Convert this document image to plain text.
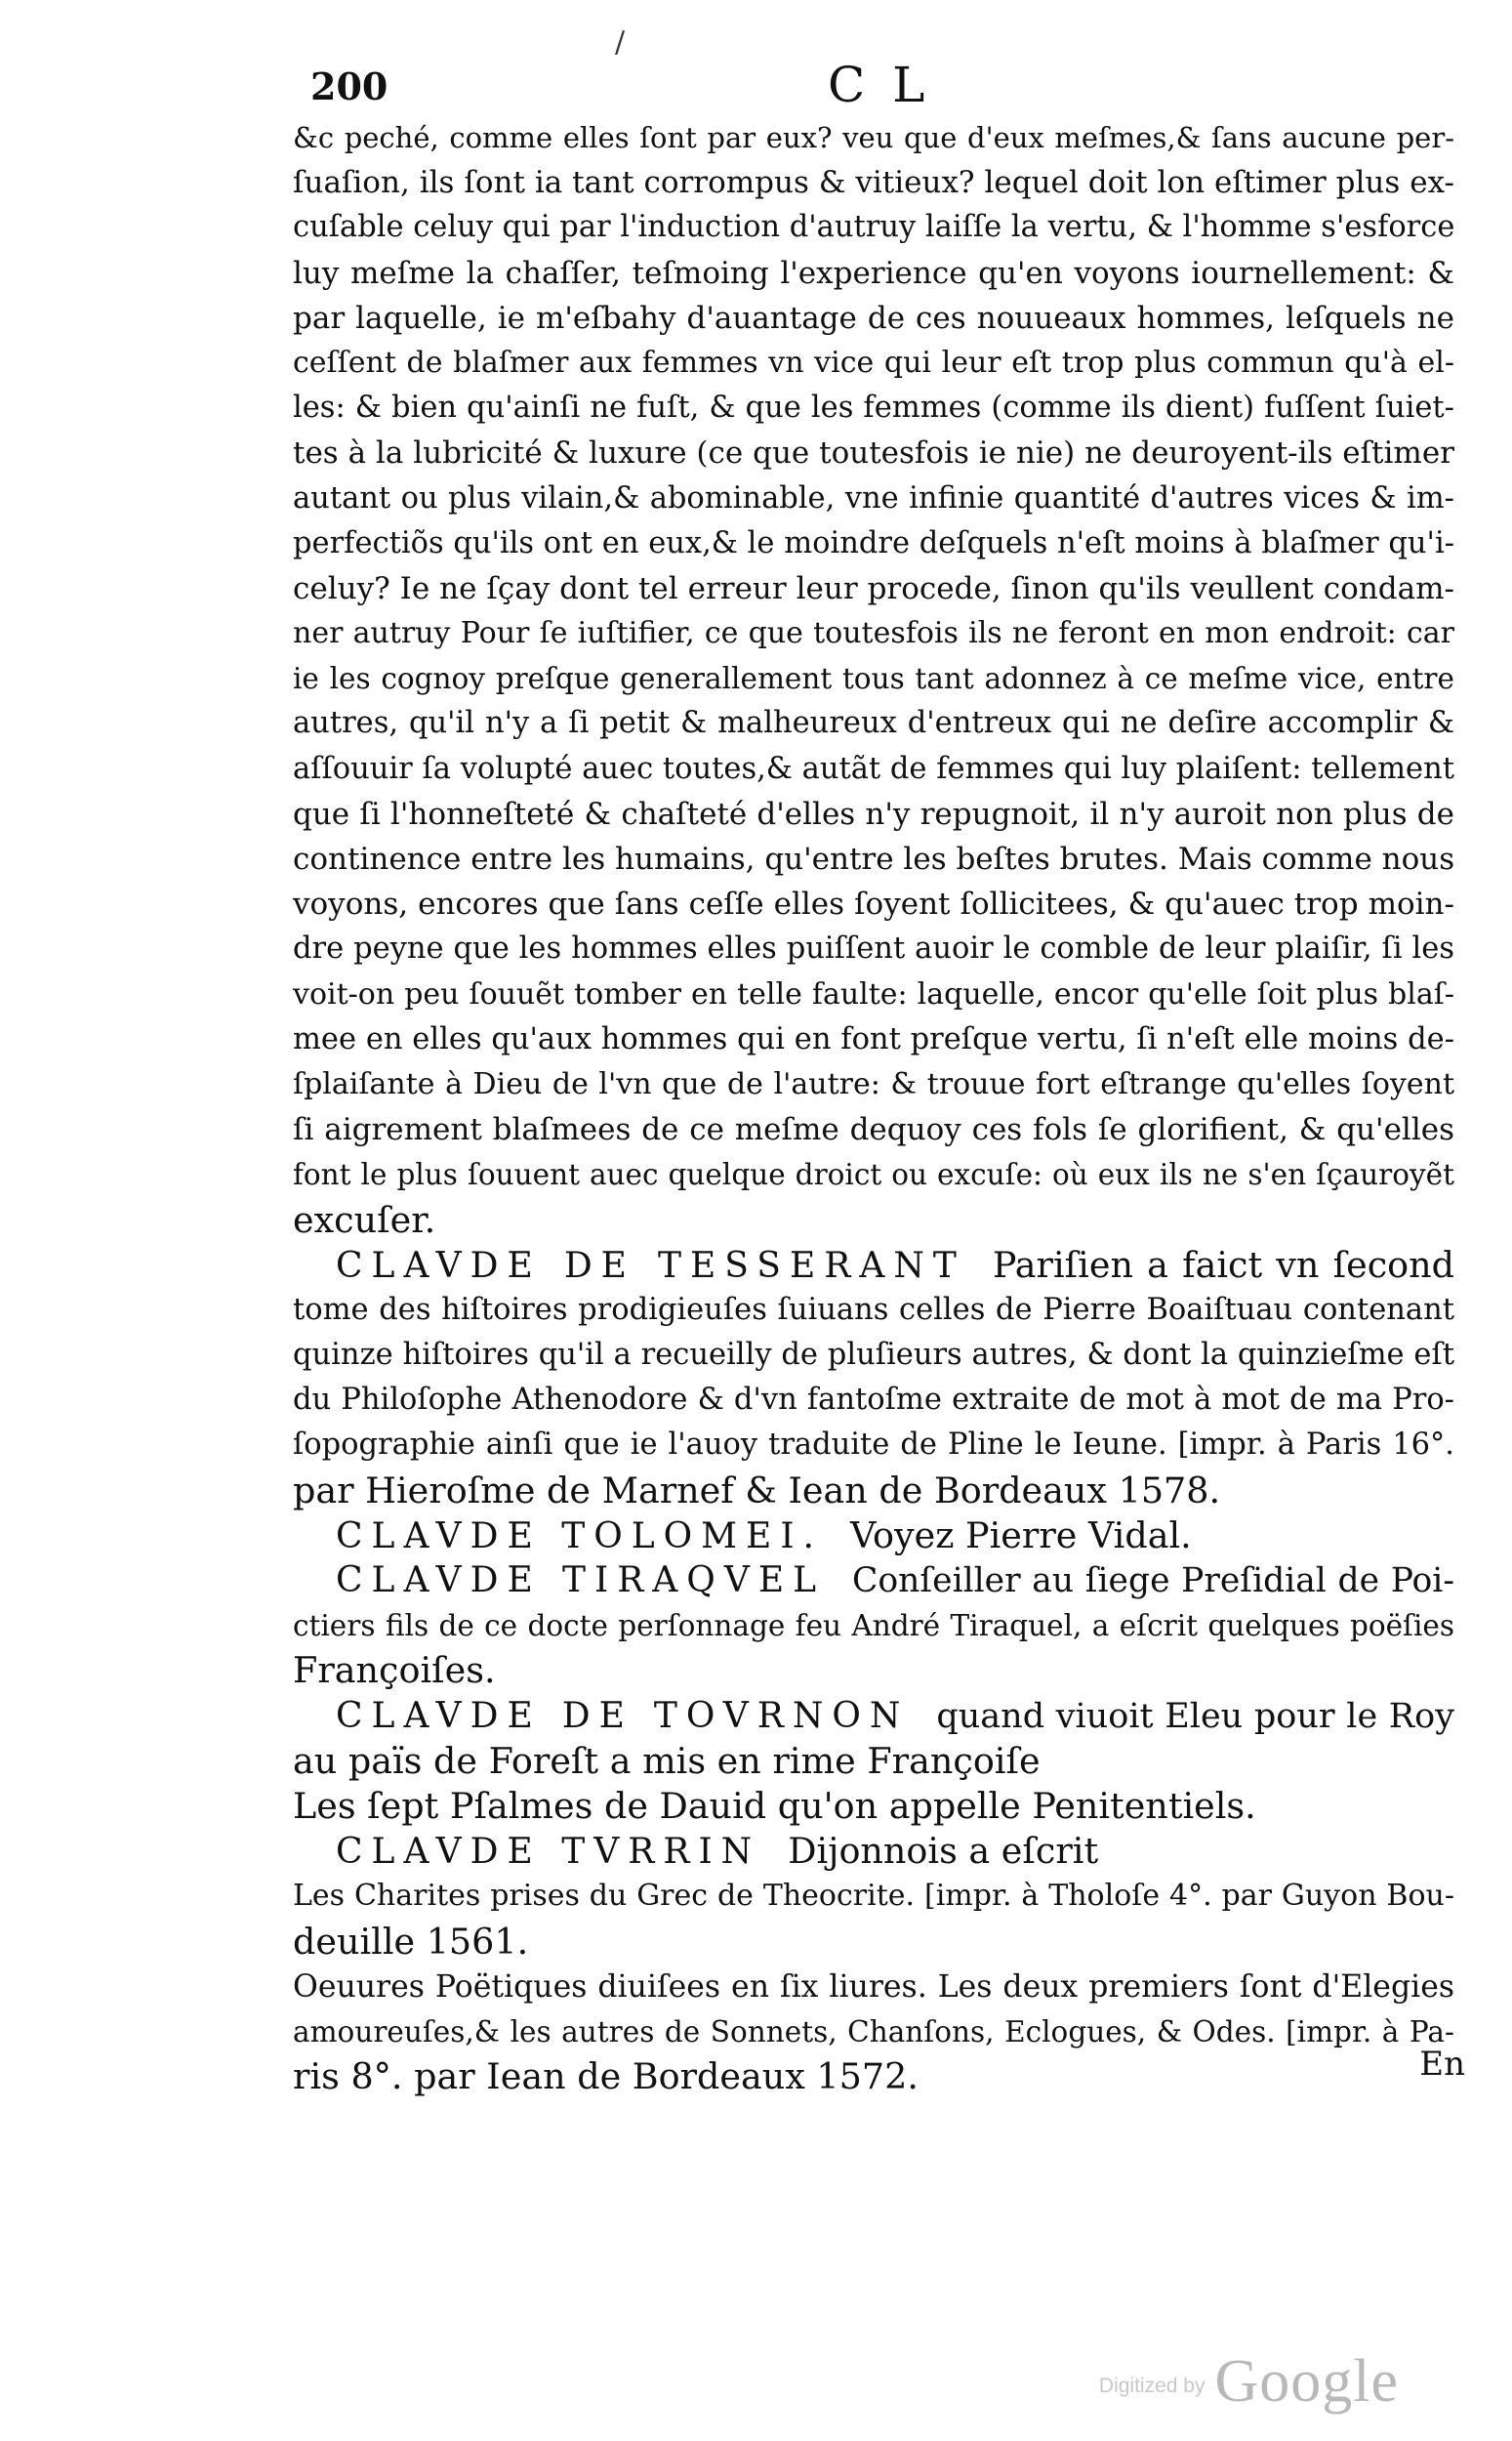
/
200	C L
&c peché, comme elles ſont par eux? veu que d'eux meſmes,& ſans aucune per-
ſuaſion, ils ſont ia tant corrompus & vitieux? lequel doit lon eſtimer plus ex-
cuſable celuy qui par l'induction d'autruy laiſſe la vertu, & l'homme s'esforce
luy meſme la chaſſer, teſmoing l'experience qu'en voyons iournellement: &
par laquelle, ie m'eſbahy d'auantage de ces nouueaux hommes, leſquels ne
ceſſent de blaſmer aux femmes vn vice qui leur eſt trop plus commun qu'à el-
les: & bien qu'ainſi ne fuſt, & que les femmes (comme ils dient) fuſſent ſuiet-
tes à la lubricité & luxure (ce que toutesfois ie nie) ne deuroyent-ils eſtimer
autant ou plus vilain,& abominable, vne infinie quantité d'autres vices & im-
perfectiõs qu'ils ont en eux,& le moindre deſquels n'eſt moins à blaſmer qu'i-
celuy? Ie ne ſçay dont tel erreur leur procede, ſinon qu'ils veullent condam-
ner autruy Pour ſe iuſtifier, ce que toutesfois ils ne feront en mon endroit: car
ie les cognoy preſque generallement tous tant adonnez à ce meſme vice, entre
autres, qu'il n'y a ſi petit & malheureux d'entreux qui ne deſire accomplir &
aſſouuir ſa volupté auec toutes,& autãt de femmes qui luy plaiſent: tellement
que ſi l'honneſteté & chaſteté d'elles n'y repugnoit, il n'y auroit non plus de
continence entre les humains, qu'entre les beſtes brutes. Mais comme nous
voyons, encores que ſans ceſſe elles ſoyent ſollicitees, & qu'auec trop moin-
dre peyne que les hommes elles puiſſent auoir le comble de leur plaiſir, ſi les
voit-on peu ſouuẽt tomber en telle faulte: laquelle, encor qu'elle ſoit plus blaſ-
mee en elles qu'aux hommes qui en font preſque vertu, ſi n'eſt elle moins de-
ſplaiſante à Dieu de l'vn que de l'autre: & trouue fort eſtrange qu'elles ſoyent
ſi aigrement blaſmees de ce meſme dequoy ces fols ſe glorifient, & qu'elles
font le plus ſouuent auec quelque droict ou excuſe: où eux ils ne s'en ſçauroyẽt
excuſer.
CLAVDE DE TESSERANT Pariſien a faict vn ſecond
tome des hiſtoires prodigieuſes ſuiuans celles de Pierre Boaiſtuau contenant
quinze hiſtoires qu'il a recueilly de pluſieurs autres, & dont la quinzieſme eſt
du Philoſophe Athenodore & d'vn fantoſme extraite de mot à mot de ma Pro-
ſopographie ainſi que ie l'auoy traduite de Pline le Ieune. [impr. à Paris 16°.
par Hieroſme de Marnef & Iean de Bordeaux 1578.
CLAVDE TOLOMEI. Voyez Pierre Vidal.
CLAVDE TIRAQVEL Conſeiller au ſiege Preſidial de Poi-
ctiers fils de ce docte perſonnage feu André Tiraquel, a eſcrit quelques poëſies
Françoiſes.
CLAVDE DE TOVRNON quand viuoit Eleu pour le Roy
au païs de Foreſt a mis en rime Françoiſe
Les ſept Pſalmes de Dauid qu'on appelle Penitentiels.
CLAVDE TVRRIN Dijonnois a eſcrit
Les Charites prises du Grec de Theocrite. [impr. à Tholoſe 4°. par Guyon Bou-
deuille 1561.
Oeuures Poëtiques diuiſees en ſix liures. Les deux premiers ſont d'Elegies
amoureuſes,& les autres de Sonnets, Chanſons, Eclogues, & Odes. [impr. à Pa-
ris 8°. par Iean de Bordeaux 1572.	En
Digitized by Google
